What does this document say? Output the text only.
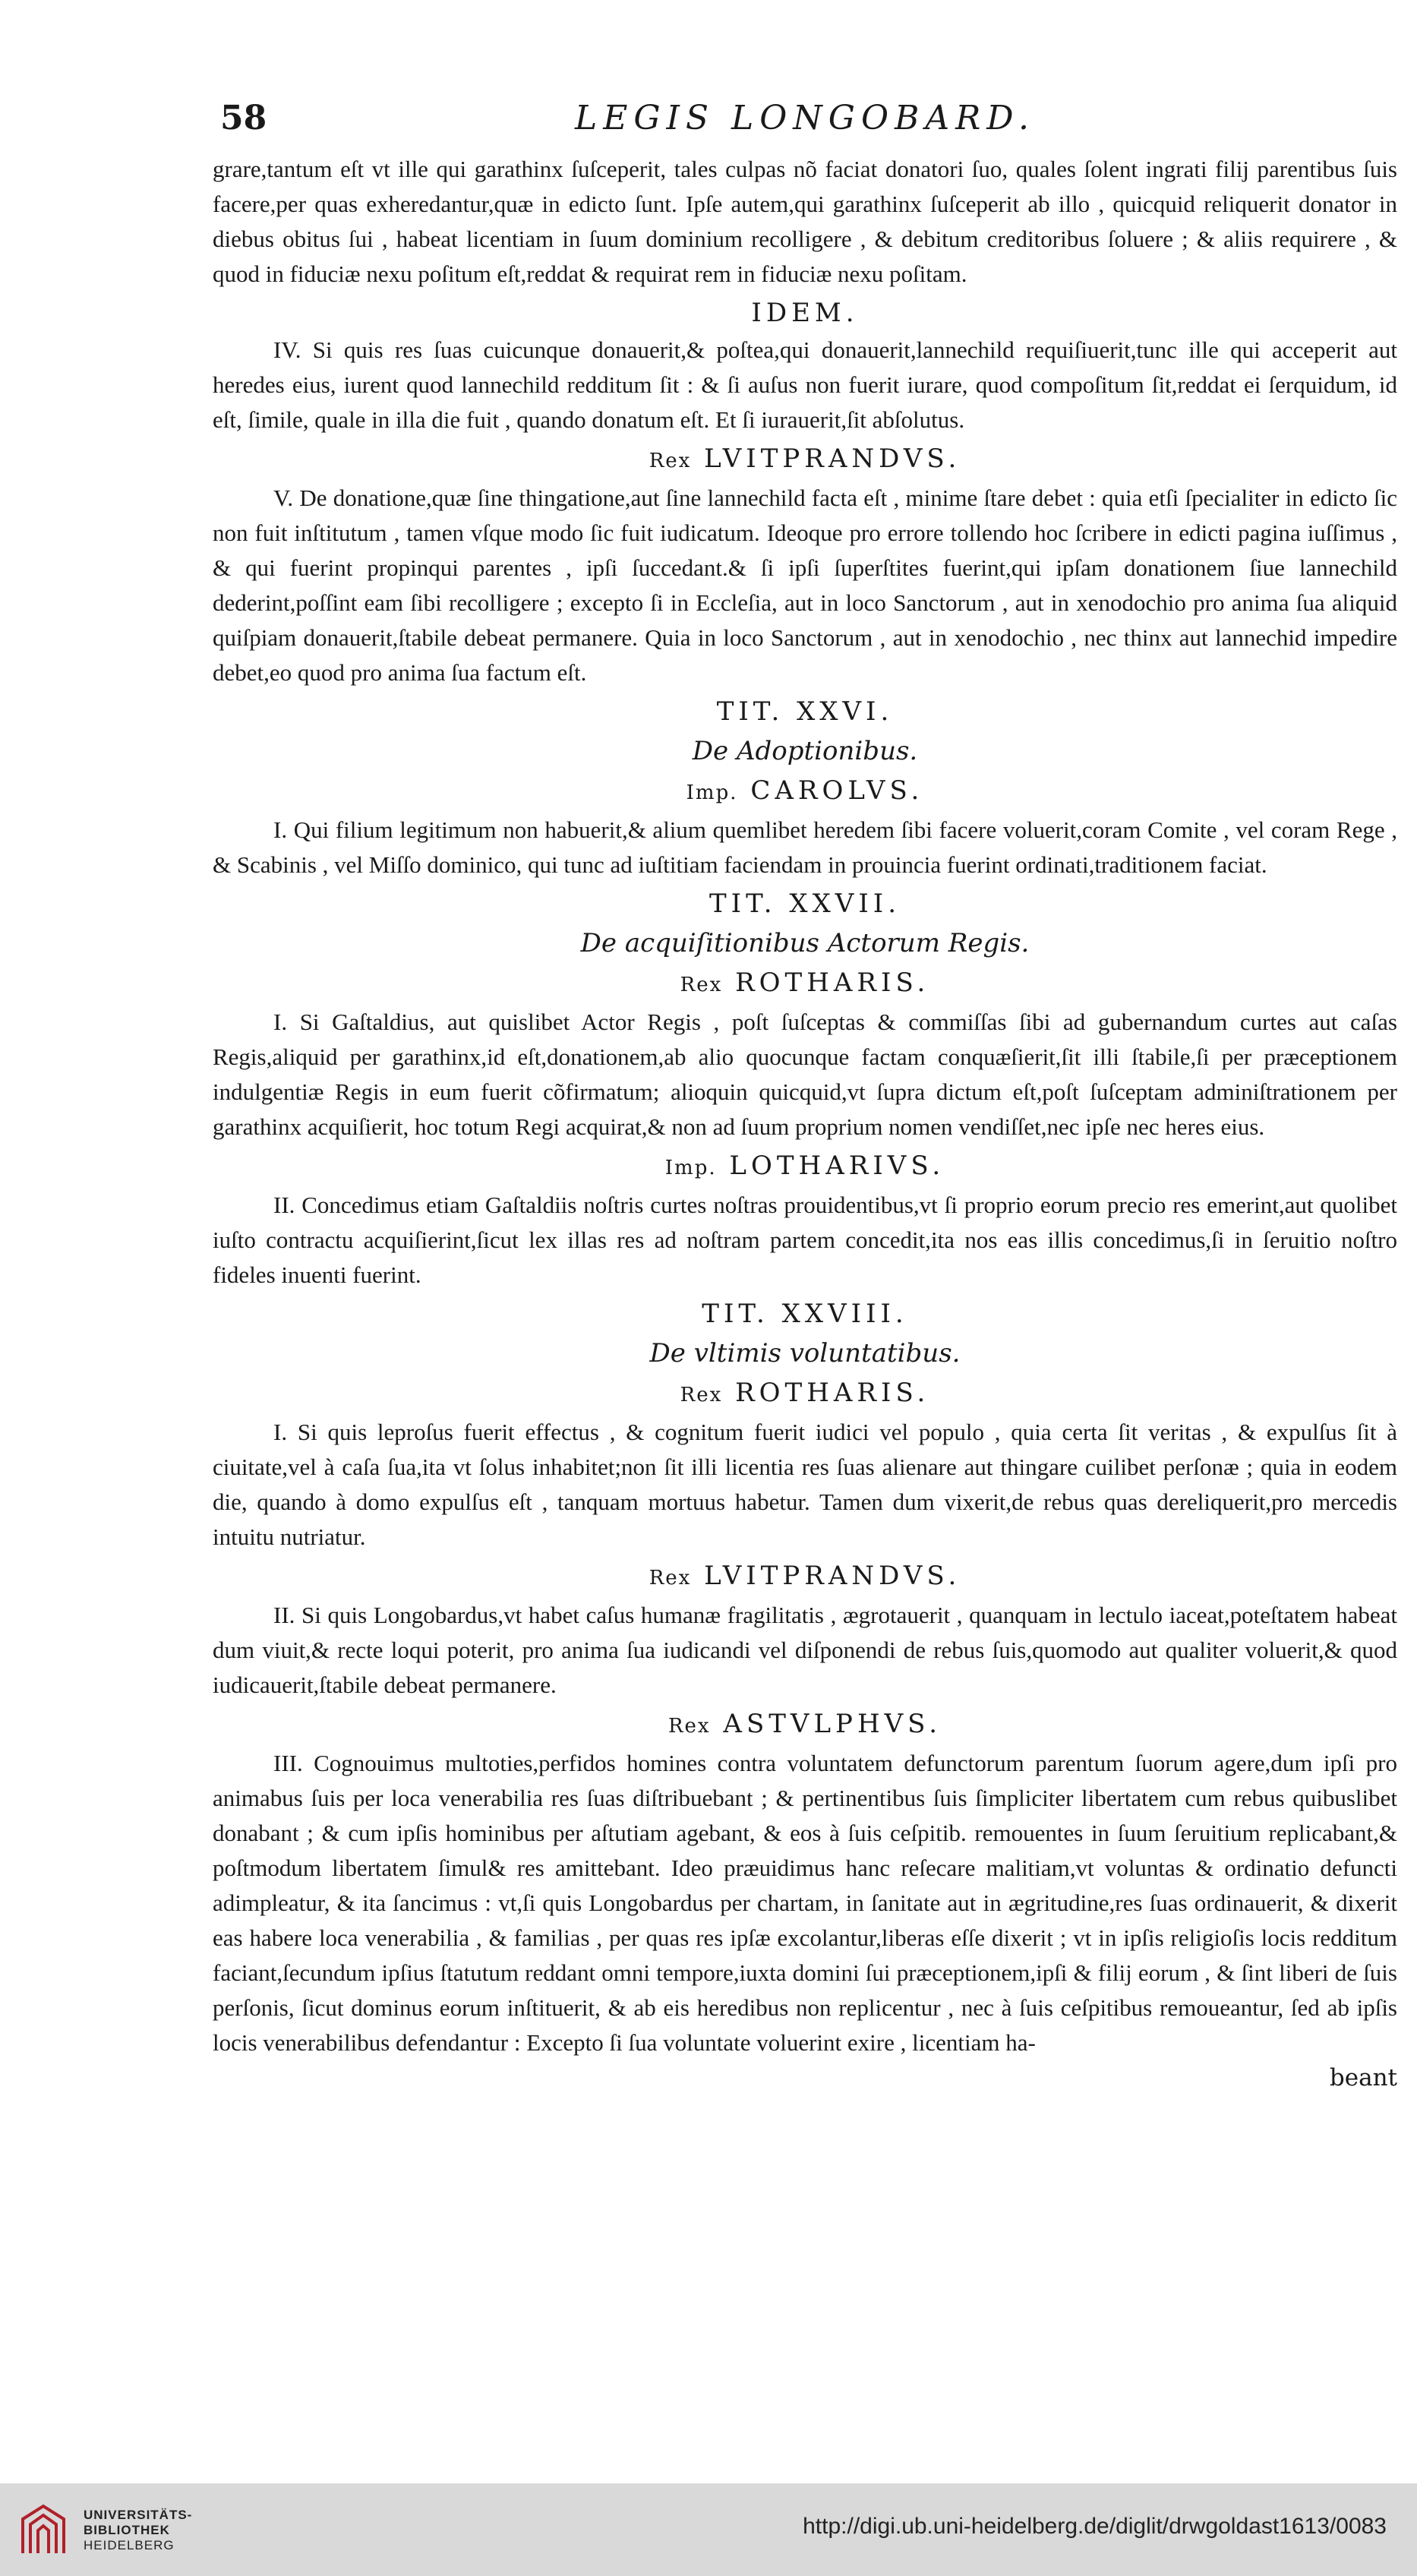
58	LEGIS LONGOBARD.

grare,tantum eſt vt ille qui garathinx ſuſceperit, tales culpas nõ faciat donatori ſuo, quales ſolent ingrati filij parentibus ſuis facere,per quas exheredantur,quæ in edicto ſunt. Ipſe autem,qui garathinx ſuſceperit ab illo , quicquid reliquerit donator in diebus obitus ſui , habeat licentiam in ſuum dominium recolligere , & debitum creditoribus ſoluere ; & aliis requirere , & quod in fiduciæ nexu poſitum eſt,reddat & requirat rem in fiduciæ nexu poſitam.

IDEM.

IV. Si quis res ſuas cuicunque donauerit,& poſtea,qui donauerit,lannechild requiſiuerit,tunc ille qui acceperit aut heredes eius, iurent quod lannechild redditum ſit : & ſi auſus non fuerit iurare, quod compoſitum ſit,reddat ei ſerquidum, id eſt, ſimile, quale in illa die fuit , quando donatum eſt. Et ſi iurauerit,ſit abſolutus.

Rex LVITPRANDVS.

V. De donatione,quæ ſine thingatione,aut ſine lannechild facta eſt , minime ſtare debet : quia etſi ſpecialiter in edicto ſic non fuit inſtitutum , tamen vſque modo ſic fuit iudicatum. Ideoque pro errore tollendo hoc ſcribere in edicti pagina iuſſimus , & qui fuerint propinqui parentes , ipſi ſuccedant.& ſi ipſi ſuperſtites fuerint,qui ipſam donationem ſiue lannechild dederint,poſſint eam ſibi recolligere ; excepto ſi in Eccleſia, aut in loco Sanctorum , aut in xenodochio pro anima ſua aliquid quiſpiam donauerit,ſtabile debeat permanere. Quia in loco Sanctorum , aut in xenodochio , nec thinx aut lannechid impedire debet,eo quod pro anima ſua factum eſt.

TIT. XXVI.
De Adoptionibus.
Imp. CAROLVS.

I. Qui filium legitimum non habuerit,& alium quemlibet heredem ſibi facere voluerit,coram Comite , vel coram Rege , & Scabinis , vel Miſſo dominico, qui tunc ad iuſtitiam faciendam in prouincia fuerint ordinati,traditionem faciat.

TIT. XXVII.
De acquiſitionibus Actorum Regis.
Rex ROTHARIS.

I. Si Gaſtaldius, aut quislibet Actor Regis , poſt ſuſceptas & commiſſas ſibi ad gubernandum curtes aut caſas Regis,aliquid per garathinx,id eſt,donationem,ab alio quocunque factam conquæſierit,ſit illi ſtabile,ſi per præceptionem indulgentiæ Regis in eum fuerit cõfirmatum; alioquin quicquid,vt ſupra dictum eſt,poſt ſuſceptam adminiſtrationem per garathinx acquiſierit, hoc totum Regi acquirat,& non ad ſuum proprium nomen vendiſſet,nec ipſe nec heres eius.

Imp. LOTHARIVS.

II. Concedimus etiam Gaſtaldiis noſtris curtes noſtras prouidentibus,vt ſi proprio eorum precio res emerint,aut quolibet iuſto contractu acquiſierint,ſicut lex illas res ad noſtram partem concedit,ita nos eas illis concedimus,ſi in ſeruitio noſtro fideles inuenti fuerint.

TIT. XXVIII.
De vltimis voluntatibus.
Rex ROTHARIS.

I. Si quis leproſus fuerit effectus , & cognitum fuerit iudici vel populo , quia certa ſit veritas , & expulſus ſit à ciuitate,vel à caſa ſua,ita vt ſolus inhabitet;non ſit illi licentia res ſuas alienare aut thingare cuilibet perſonæ ; quia in eodem die, quando à domo expulſus eſt , tanquam mortuus habetur. Tamen dum vixerit,de rebus quas dereliquerit,pro mercedis intuitu nutriatur.

Rex LVITPRANDVS.

II. Si quis Longobardus,vt habet caſus humanæ fragilitatis , ægrotauerit , quanquam in lectulo iaceat,poteſtatem habeat dum viuit,& recte loqui poterit, pro anima ſua iudicandi vel diſponendi de rebus ſuis,quomodo aut qualiter voluerit,& quod iudicauerit,ſtabile debeat permanere.

Rex ASTVLPHVS.

III. Cognouimus multoties,perfidos homines contra voluntatem defunctorum parentum ſuorum agere,dum ipſi pro animabus ſuis per loca venerabilia res ſuas diſtribuebant ; & pertinentibus ſuis ſimpliciter libertatem cum rebus quibuslibet donabant ; & cum ipſis hominibus per aſtutiam agebant, & eos à ſuis ceſpitib. remouentes in ſuum ſeruitium replicabant,& poſtmodum libertatem ſimul& res amittebant. Ideo præuidimus hanc reſecare malitiam,vt voluntas & ordinatio defuncti adimpleatur, & ita ſancimus : vt,ſi quis Longobardus per chartam, in ſanitate aut in ægritudine,res ſuas ordinauerit, & dixerit eas habere loca venerabilia , & familias , per quas res ipſæ excolantur,liberas eſſe dixerit ; vt in ipſis religioſis locis redditum faciant,ſecundum ipſius ſtatutum reddant omni tempore,iuxta domini ſui præceptionem,ipſi & filij eorum , & ſint liberi de ſuis perſonis, ſicut dominus eorum inſtituerit, & ab eis heredibus non replicentur , nec à ſuis ceſpitibus remoueantur, ſed ab ipſis locis venerabilibus defendantur : Excepto ſi ſua voluntate voluerint exire , licentiam ha-

beant
UNIVERSITÄTS-
BIBLIOTHEK
HEIDELBERG
http://digi.ub.uni-heidelberg.de/diglit/drwgoldast1613/0083
